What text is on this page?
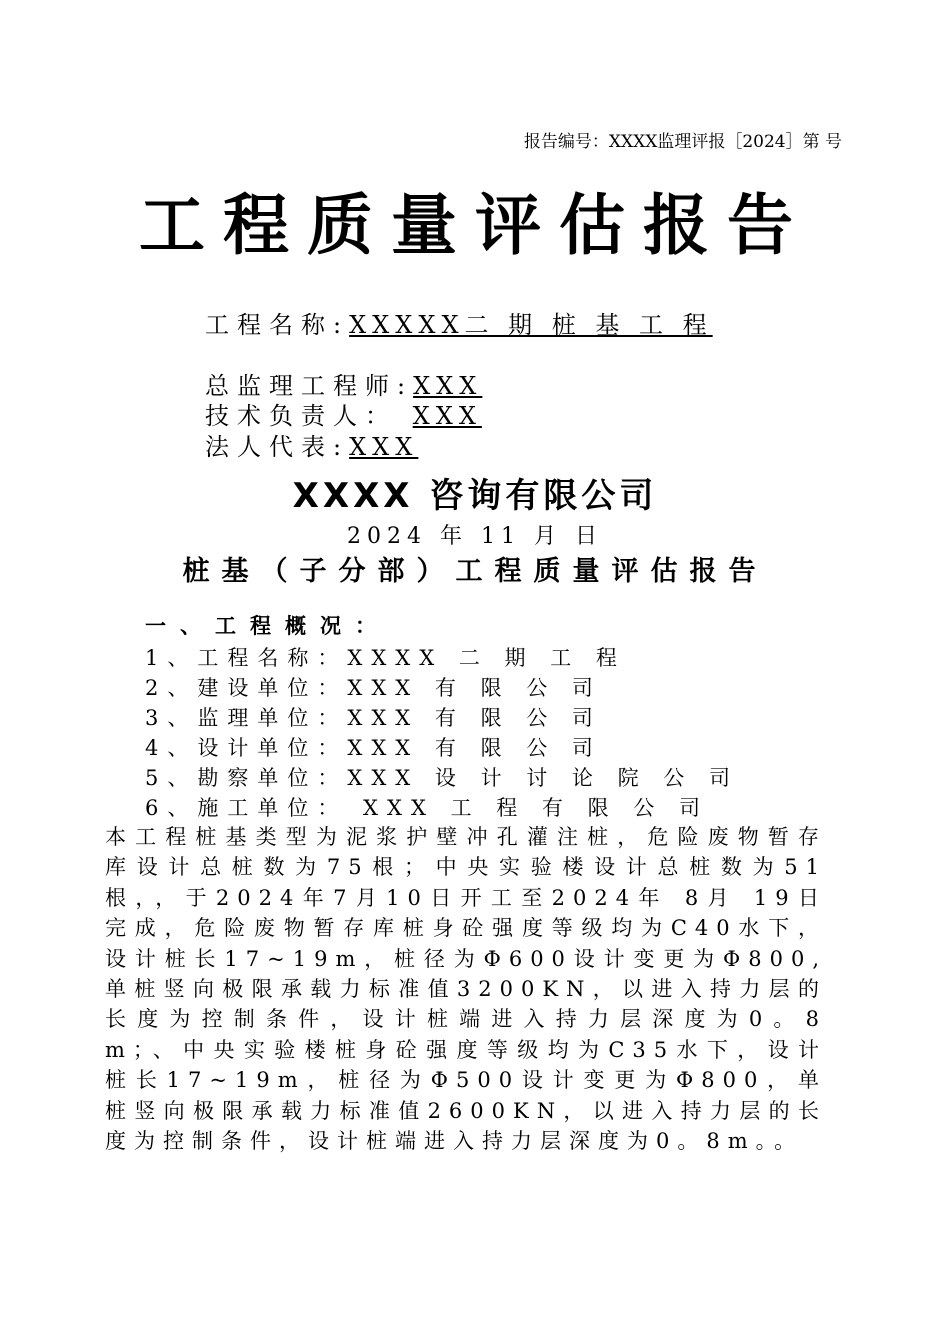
报告编号：XXXX监理评报［2024］第 号
工程质量评估报告
工程名称:XXXXX二 期 桩 基 工 程
总监理工程师:XXX
技术负责人： XXX
法人代表:XXX
XXXX 咨询有限公司
2024 年 11 月 日
桩基（子分部）工程质量评估报告
一、工程概况：
1、工程名称：XXXX 二 期 工 程
2、建设单位：XXX 有 限 公 司
3、监理单位：XXX 有 限 公 司
4、设计单位：XXX 有 限 公 司
5、勘察单位：XXX 设 计 讨 论 院 公 司
6、施工单位： XXX 工 程 有 限 公 司
本工程桩基类型为泥浆护壁冲孔灌注桩，危险废物暂存库设计总桩数为75根；中央实验楼设计总桩数为51根，，于2024年7月10日开工至2024年 8月 19日完成，危险废物暂存库桩身砼强度等级均为C40水下，设计桩长17~19m，桩径为Φ600设计变更为Φ800,单桩竖向极限承载力标准值3200KN，以进入持力层的长度为控制条件，设计桩端进入持力层深度为0。8m；、中央实验楼桩身砼强度等级均为C35水下，设计桩长17~19m，桩径为Φ500设计变更为Φ800，单桩竖向极限承载力标准值2600KN，以进入持力层的长度为控制条件，设计桩端进入持力层深度为0。8m。。
